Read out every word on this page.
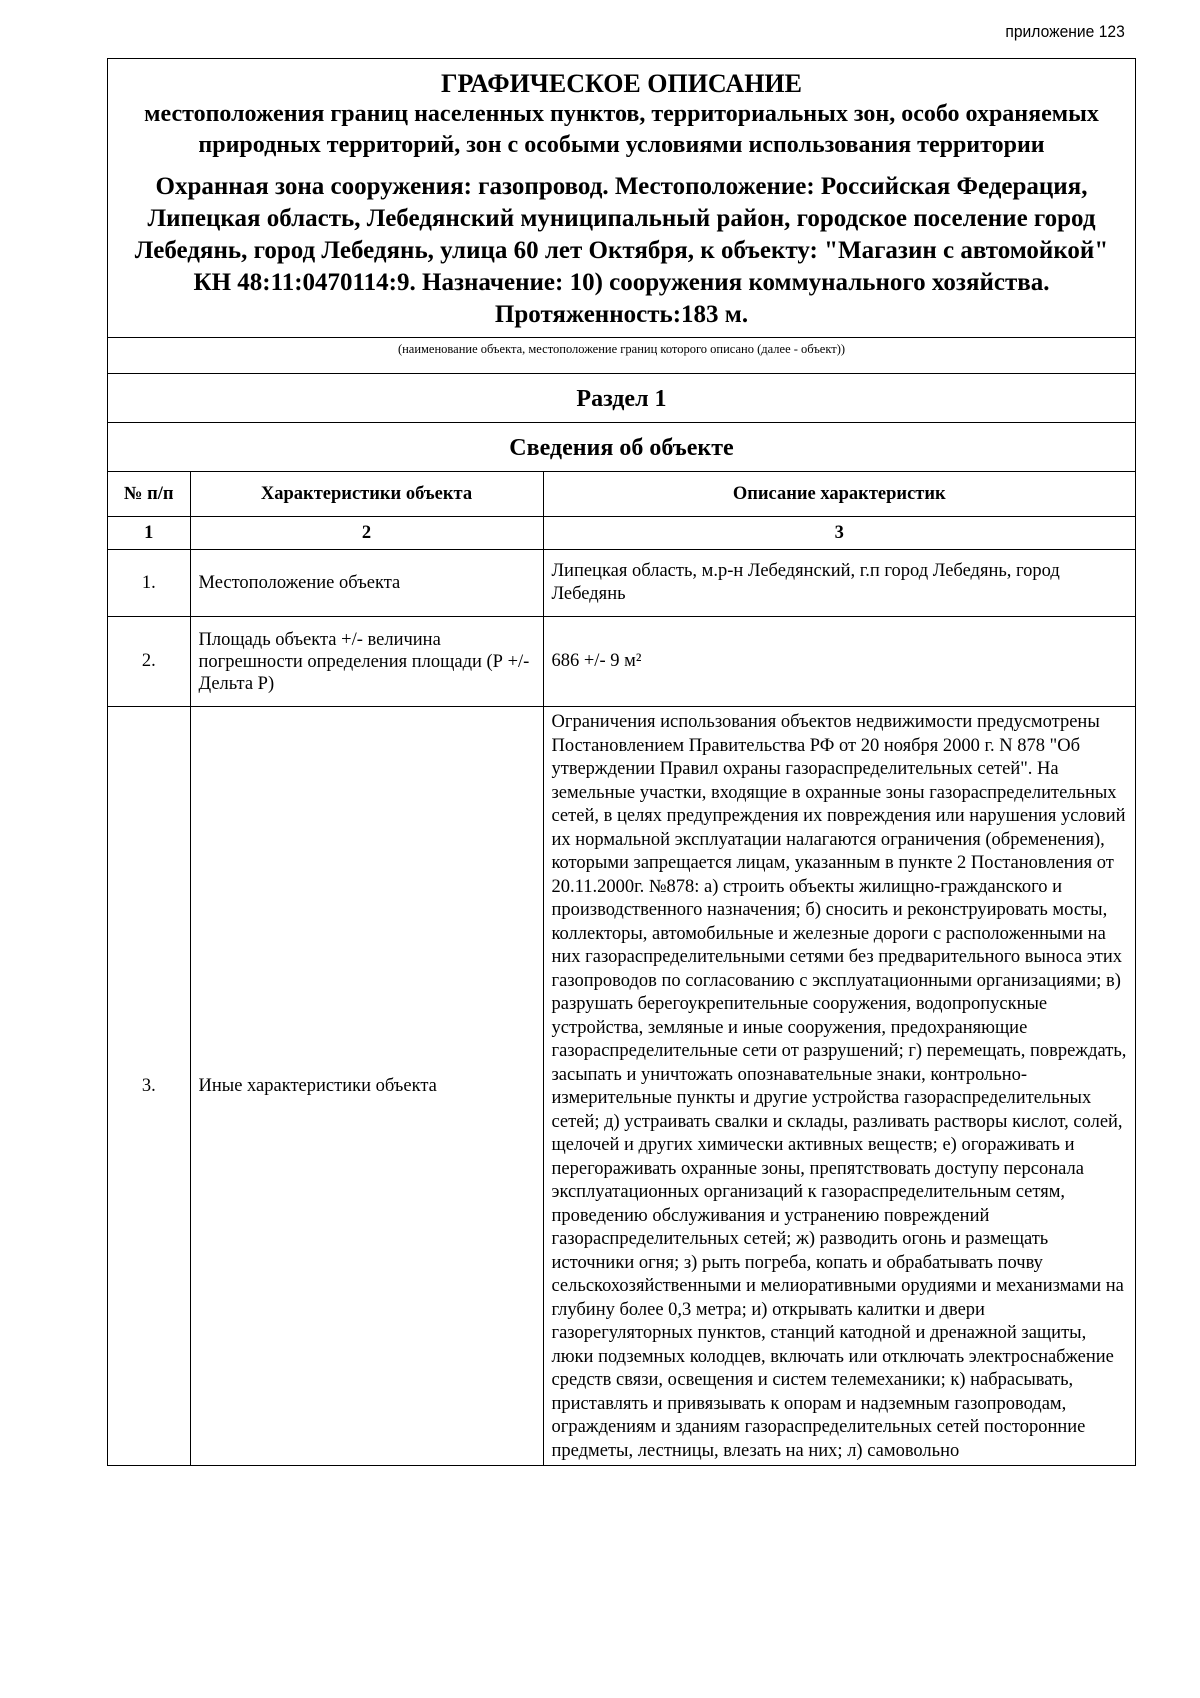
приложение 123
ГРАФИЧЕСКОЕ ОПИСАНИЕ
местоположения границ населенных пунктов, территориальных зон, особо охраняемых природных территорий, зон с особыми условиями использования территории
Охранная зона сооружения: газопровод. Местоположение: Российская Федерация, Липецкая область, Лебедянский муниципальный район, городское поселение город Лебедянь, город Лебедянь, улица 60 лет Октября, к объекту: "Магазин с автомойкой" КН 48:11:0470114:9. Назначение: 10) сооружения коммунального хозяйства. Протяженность:183 м.
(наименование объекта, местоположение границ которого описано (далее - объект))
Раздел 1
Сведения об объекте
№ п/п	Характеристики объекта	Описание характеристик
1	2	3
1.	Местоположение объекта	Липецкая область, м.р-н Лебедянский, г.п город Лебедянь, город Лебедянь
2.	Площадь объекта +/- величина погрешности определения площади (Р +/- Дельта Р)	686 +/- 9 м²
3.	Иные характеристики объекта	Ограничения использования объектов недвижимости предусмотрены Постановлением Правительства РФ от 20 ноября 2000 г. N 878 "Об утверждении Правил охраны газораспределительных сетей". На земельные участки, входящие в охранные зоны газораспределительных сетей, в целях предупреждения их повреждения или нарушения условий их нормальной эксплуатации налагаются ограничения (обременения), которыми запрещается лицам, указанным в пункте 2 Постановления от 20.11.2000г. №878: а) строить объекты жилищно-гражданского и производственного назначения; б) сносить и реконструировать мосты, коллекторы, автомобильные и железные дороги с расположенными на них газораспределительными сетями без предварительного выноса этих газопроводов по согласованию с эксплуатационными организациями; в) разрушать берегоукрепительные сооружения, водопропускные устройства, земляные и иные сооружения, предохраняющие газораспределительные сети от разрушений; г) перемещать, повреждать, засыпать и уничтожать опознавательные знаки, контрольно-измерительные пункты и другие устройства газораспределительных сетей; д) устраивать свалки и склады, разливать растворы кислот, солей, щелочей и других химически активных веществ; е) огораживать и перегораживать охранные зоны, препятствовать доступу персонала эксплуатационных организаций к газораспределительным сетям, проведению обслуживания и устранению повреждений газораспределительных сетей; ж) разводить огонь и размещать источники огня; з) рыть погреба, копать и обрабатывать почву сельскохозяйственными и мелиоративными орудиями и механизмами на глубину более 0,3 метра; и) открывать калитки и двери газорегуляторных пунктов, станций катодной и дренажной защиты, люки подземных колодцев, включать или отключать электроснабжение средств связи, освещения и систем телемеханики; к) набрасывать, приставлять и привязывать к опорам и надземным газопроводам, ограждениям и зданиям газораспределительных сетей посторонние предметы, лестницы, влезать на них; л) самовольно
